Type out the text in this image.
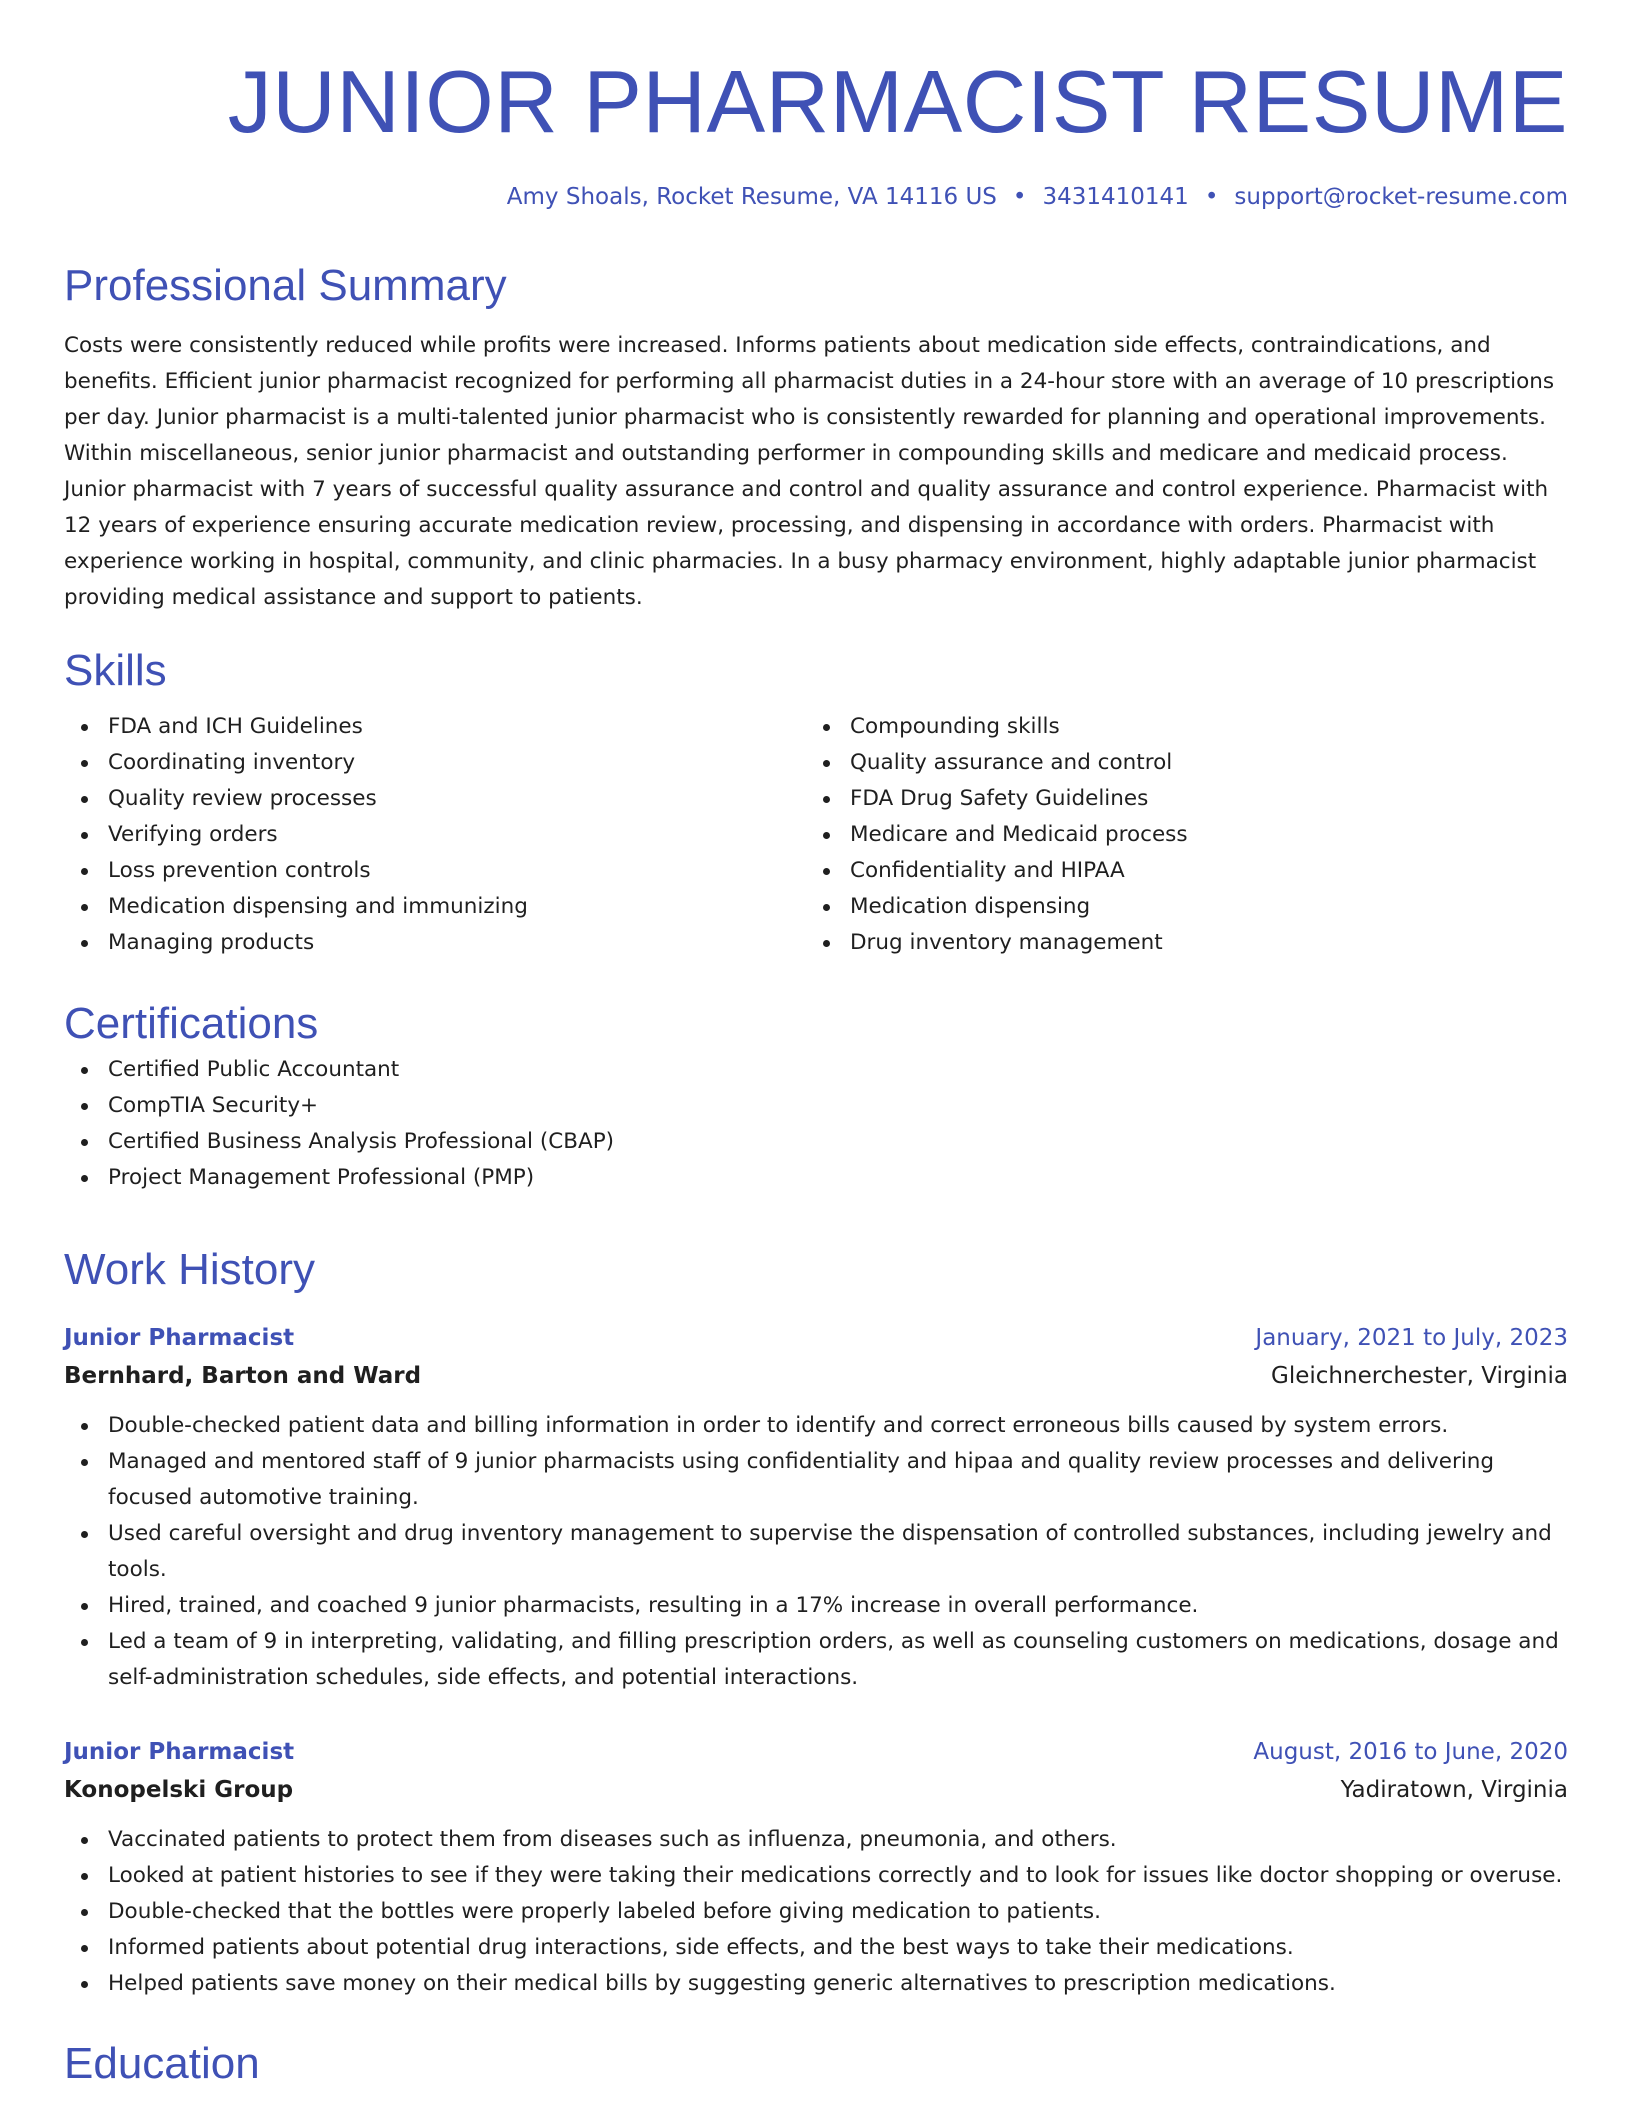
JUNIOR PHARMACIST RESUME
Amy Shoals, Rocket Resume, VA 14116 US • 3431410141 • support@rocket-resume.com
Professional Summary

Costs were consistently reduced while profits were increased. Informs patients about medication side effects, contraindications, and benefits. Efficient junior pharmacist recognized for performing all pharmacist duties in a 24-hour store with an average of 10 prescriptions per day. Junior pharmacist is a multi-talented junior pharmacist who is consistently rewarded for planning and operational improvements. Within miscellaneous, senior junior pharmacist and outstanding performer in compounding skills and medicare and medicaid process. Junior pharmacist with 7 years of successful quality assurance and control and quality assurance and control experience. Pharmacist with 12 years of experience ensuring accurate medication review, processing, and dispensing in accordance with orders. Pharmacist with experience working in hospital, community, and clinic pharmacies. In a busy pharmacy environment, highly adaptable junior pharmacist providing medical assistance and support to patients.

Skills
FDA and ICH Guidelines
Coordinating inventory
Quality review processes
Verifying orders
Loss prevention controls
Medication dispensing and immunizing
Managing products
Compounding skills
Quality assurance and control
FDA Drug Safety Guidelines
Medicare and Medicaid process
Confidentiality and HIPAA
Medication dispensing
Drug inventory management
Certifications
Certified Public Accountant
CompTIA Security+
Certified Business Analysis Professional (CBAP)
Project Management Professional (PMP)
Work History
Junior Pharmacist	January, 2021 to July, 2023
Bernhard, Barton and Ward	Gleichnerchester, Virginia
Double-checked patient data and billing information in order to identify and correct erroneous bills caused by system errors.
Managed and mentored staff of 9 junior pharmacists using confidentiality and hipaa and quality review processes and delivering focused automotive training.
Used careful oversight and drug inventory management to supervise the dispensation of controlled substances, including jewelry and tools.
Hired, trained, and coached 9 junior pharmacists, resulting in a 17% increase in overall performance.
Led a team of 9 in interpreting, validating, and filling prescription orders, as well as counseling customers on medications, dosage and self-administration schedules, side effects, and potential interactions.
Junior Pharmacist	August, 2016 to June, 2020
Konopelski Group	Yadiratown, Virginia
Vaccinated patients to protect them from diseases such as influenza, pneumonia, and others.
Looked at patient histories to see if they were taking their medications correctly and to look for issues like doctor shopping or overuse.
Double-checked that the bottles were properly labeled before giving medication to patients.
Informed patients about potential drug interactions, side effects, and the best ways to take their medications.
Helped patients save money on their medical bills by suggesting generic alternatives to prescription medications.
Education
